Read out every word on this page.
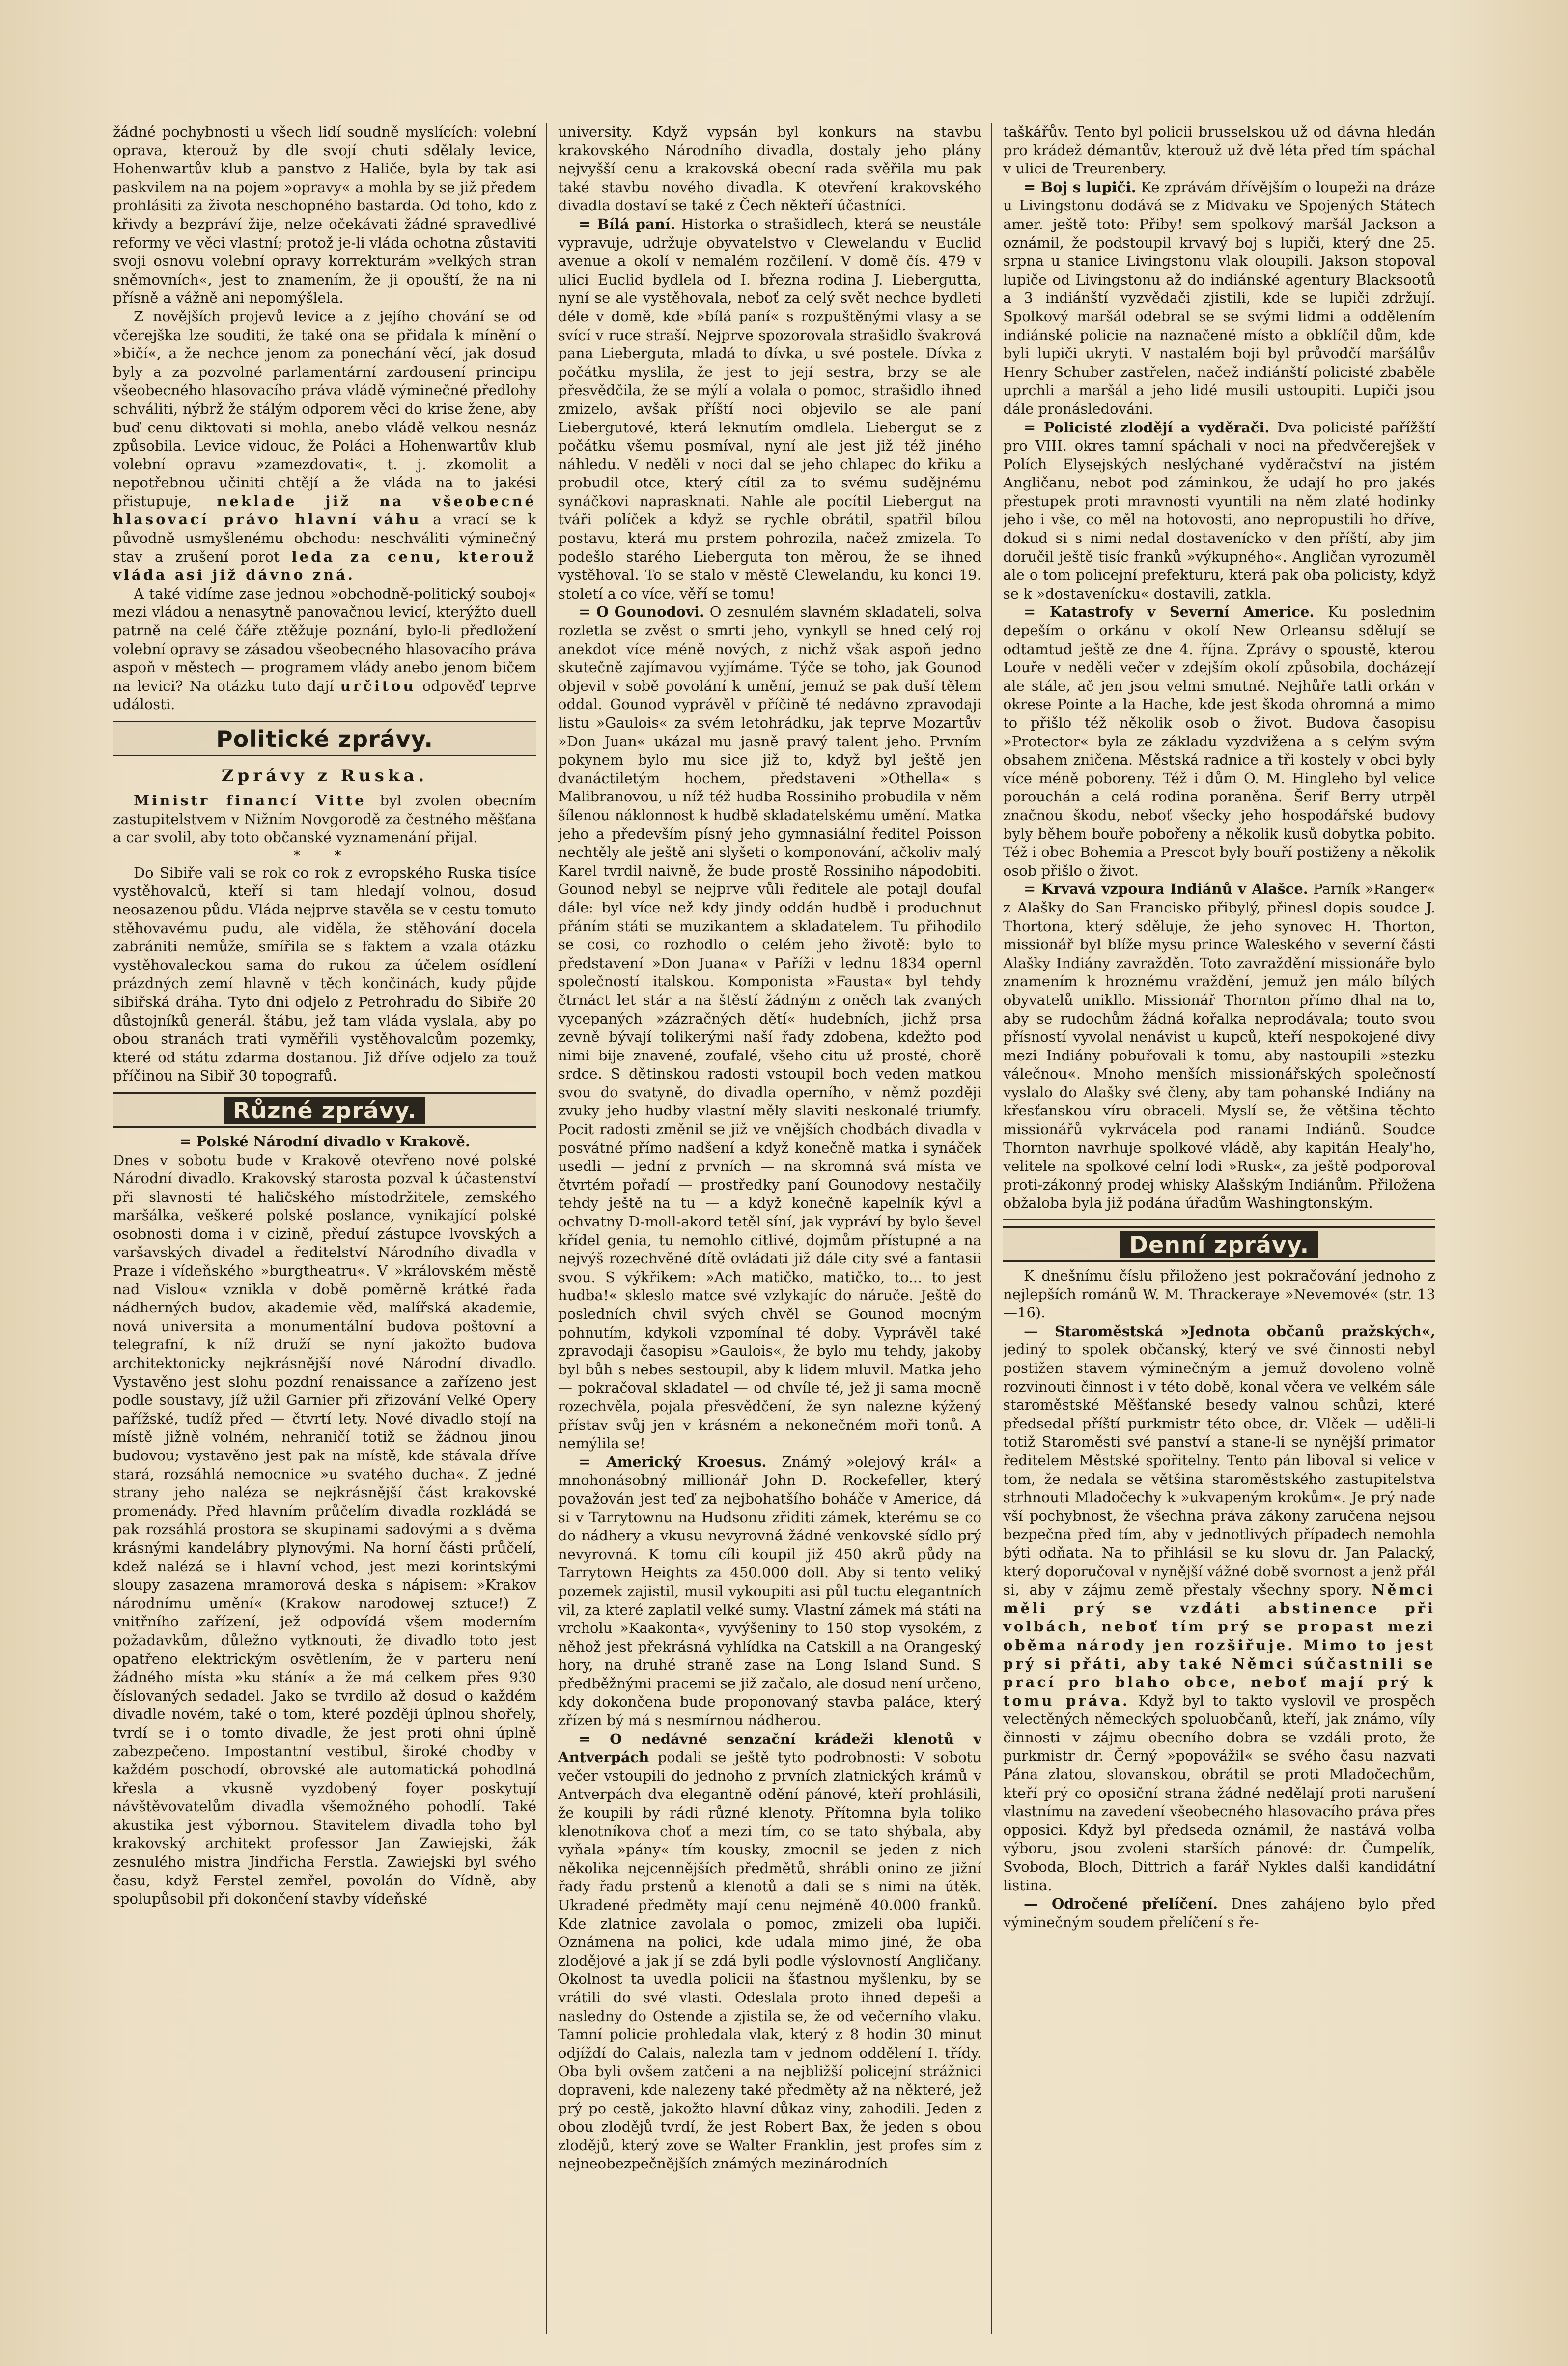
žádné pochybnosti u všech lidí soudně myslících: volební oprava, kterouž by dle svojí chuti sdělaly levice, Hohenwartův klub a panstvo z Haliče, byla by tak asi paskvilem na na pojem »opravy« a mohla by se již předem prohlásiti za života neschopného bastarda. Od toho, kdo z křivdy a bezpráví žije, nelze očekávati žádné spravedlivé reformy ve věci vlastní; protož je-li vláda ochotna zůstaviti svoji osnovu volební opravy korrekturám »velkých stran sněmovních«, jest to znamením, že ji opouští, že na ni přísně a vážně ani nepomýšlela.

Z novějších projevů levice a z jejího chování se od včerejška lze souditi, že také ona se přidala k mínění o »bičí«, a že nechce jenom za ponechání věcí, jak dosud byly a za pozvolné parlamentární zardousení principu všeobecného hlasovacího práva vládě výminečné předlohy schváliti, nýbrž že stálým odporem věci do krise žene, aby buď cenu diktovati si mohla, anebo vládě velkou nesnáz způsobila. Levice vidouc, že Poláci a Hohenwartův klub volební opravu »zamezdovati«, t. j. zkomolit a nepotřebnou učiniti chtějí a že vláda na to jakési přistupuje, neklade již na všeobecné hlasovací právo hlavní váhu a vrací se k původně usmyšlenému obchodu: neschváliti výminečný stav a zrušení porot leda za cenu, kterouž vláda asi již dávno zná.

A také vidíme zase jednou »obchodně-politický souboj« mezi vládou a nenasytně panovačnou levicí, kterýžto duell patrně na celé čáře ztěžuje poznání, bylo-li předložení volební opravy se zásadou všeobecného hlasovacího práva aspoň v městech — programem vlády anebo jenom bičem na levici? Na otázku tuto dají určitou odpověď teprve události.

Politické zprávy.
Zprávy z Ruska.

Ministr financí Vitte byl zvolen obecním zastupitelstvem v Nižním Novgorodě za čestného měšťana a car svolil, aby toto občanské vyznamenání přijal.

* *

Do Sibiře vali se rok co rok z evropského Ruska tisíce vystěhovalců, kteří si tam hledají volnou, dosud neosazenou půdu. Vláda nejprve stavěla se v cestu tomuto stěhovavému pudu, ale viděla, že stěhování docela zabrániti nemůže, smířila se s faktem a vzala otázku vystěhovaleckou sama do rukou za účelem osídlení prázdných zemí hlavně v těch končinách, kudy půjde sibiřská dráha. Tyto dni odjelo z Petrohradu do Sibiře 20 důstojníků generál. štábu, jež tam vláda vyslala, aby po obou stranách trati vyměřili vystěhovalcům pozemky, které od státu zdarma dostanou. Již dříve odjelo za touž příčinou na Sibiř 30 topografů.

Různé zprávy.
= Polské Národní divadlo v Krakově.

Dnes v sobotu bude v Krakově otevřeno nové polské Národní divadlo. Krakovský starosta pozval k účastenství při slavnosti té haličského místodržitele, zemského maršálka, veškeré polské poslance, vynikající polské osobnosti doma i v cizině, předuí zástupce lvovských a varšavských divadel a ředitelství Národního divadla v Praze i vídeňského »burgtheatru«. V »královském městě nad Vislou« vznikla v době poměrně krátké řada nádherných budov, akademie věd, malířská akademie, nová universita a monumentální budova poštovní a telegrafní, k níž druží se nyní jakožto budova architektonicky nejkrásnější nové Národní divadlo. Vystavěno jest slohu pozdní renaissance a zařízeno jest podle soustavy, jíž užil Garnier při zřizování Velké Opery pařížské, tudíž před — čtvrtí lety. Nové divadlo stojí na místě jižně volném, nehraničí totiž se žádnou jinou budovou; vystavěno jest pak na místě, kde stávala dříve stará, rozsáhlá nemocnice »u svatého ducha«. Z jedné strany jeho naléza se nejkrásnější část krakovské promenády. Před hlavním průčelím divadla rozkládá se pak rozsáhlá prostora se skupinami sadovými a s dvěma krásnými kandelábry plynovými. Na horní části průčelí, kdež nalézá se i hlavní vchod, jest mezi korintskými sloupy zasazena mramorová deska s nápisem: »Krakov národnímu umění« (Krakow narodowej sztuce!) Z vnitřního zařízení, jež odpovídá všem moderním požadavkům, důležno vytknouti, že divadlo toto jest opatřeno elektrickým osvětlením, že v parteru není žádného místa »ku stání« a že má celkem přes 930 číslovaných sedadel. Jako se tvrdilo až dosud o každém divadle novém, také o tom, které později úplnou shořely, tvrdí se i o tomto divadle, že jest proti ohni úplně zabezpečeno. Impostantní vestibul, široké chodby v každém poschodí, obrovské ale automatická pohodlná křesla a vkusně vyzdobený foyer poskytují návštěvovatelům divadla všemožného pohodlí. Také akustika jest výbornou. Stavitelem divadla toho byl krakovský architekt professor Jan Zawiejski, žák zesnulého mistra Jindřicha Ferstla. Zawiejski byl svého času, když Ferstel zemřel, povolán do Vídně, aby spolupůsobil při dokončení stavby vídeňské

university. Když vypsán byl konkurs na stavbu krakovského Národního divadla, dostaly jeho plány nejvyšší cenu a krakovská obecní rada svěřila mu pak také stavbu nového divadla. K otevření krakovského divadla dostaví se také z Čech někteří účastníci.

= Bílá paní. Historka o strašidlech, která se neustále vypravuje, udržuje obyvatelstvo v Clewelandu v Euclid avenue a okolí v nemalém rozčilení. V domě čís. 479 v ulici Euclid bydlela od I. března rodina J. Liebergutta, nyní se ale vystěhovala, neboť za celý svět nechce bydleti déle v domě, kde »bílá paní« s rozpuštěnými vlasy a se svící v ruce straší. Nejprve spozorovala strašidlo švakrová pana Lieberguta, mladá to dívka, u své postele. Dívka z počátku myslila, že jest to její sestra, brzy se ale přesvědčila, že se mýlí a volala o pomoc, strašidlo ihned zmizelo, avšak příští noci objevilo se ale paní Liebergutové, která leknutím omdlela. Liebergut se z počátku všemu posmíval, nyní ale jest již též jiného náhledu. V neděli v noci dal se jeho chlapec do křiku a probudil otce, který cítil za to svému sudějnému synáčkovi naprasknati. Nahle ale pocítil Liebergut na tváři políček a když se rychle obrátil, spatřil bílou postavu, která mu prstem pohrozila, načež zmizela. To podešlo starého Lieberguta ton měrou, že se ihned vystěhoval. To se stalo v městě Clewelandu, ku konci 19. století a co více, věří se tomu!

= O Gounodovi. O zesnulém slavném skladateli, solva rozletla se zvěst o smrti jeho, vynkyll se hned celý roj anekdot více méně nových, z nichž však aspoň jedno skutečně zajímavou vyjímáme. Týče se toho, jak Gounod objevil v sobě povolání k umění, jemuž se pak duší tělem oddal. Gounod vyprávěl v příčině té nedávno zpravodaji listu »Gaulois« za svém letohrádku, jak teprve Mozartův »Don Juan« ukázal mu jasně pravý talent jeho. Prvním pokynem bylo mu sice již to, když byl ještě jen dvanáctiletým hochem, představeni »Othella« s Malibranovou, u níž též hudba Rossiniho probudila v něm šílenou náklonnost k hudbě skladatelskému umění. Matka jeho a především písný jeho gymnasiální ředitel Poisson nechtěly ale ještě ani slyšeti o komponování, ačkoliv malý Karel tvrdil naivně, že bude prostě Rossiniho nápodobiti. Gounod nebyl se nejprve vůli ředitele ale potajl doufal dále: byl více než kdy jindy oddán hudbě i produchnut přáním státi se muzikantem a skladatelem. Tu přihodilo se cosi, co rozhodlo o celém jeho životě: bylo to představení »Don Juana« v Paříži v lednu 1834 opernl společností italskou. Komponista »Fausta« byl tehdy čtrnáct let stár a na štěstí žádným z oněch tak zvaných vycepaných »zázračných dětí« hudebních, jichž prsa zevně bývají tolikerými naší řady zdobena, kdežto pod nimi bije znavené, zoufalé, všeho citu už prosté, chorě srdce. S dětinskou radosti vstoupil boch veden matkou svou do svatyně, do divadla operního, v němž později zvuky jeho hudby vlastní měly slaviti neskonalé triumfy. Pocit radosti změnil se již ve vnějších chodbách divadla v posvátné přímo nadšení a když konečně matka i synáček usedli — jední z prvních — na skromná svá místa ve čtvrtém pořadí — prostředky paní Gounodovy nestačily tehdy ještě na tu — a když konečně kapelník kývl a ochvatny D-moll-akord tetěl síní, jak vypráví by bylo ševel křídel genia, tu nemohlo citlivé, dojmům přístupné a na nejvýš rozechvěné dítě ovládati již dále city své a fantasii svou. S výkřikem: »Ach matičko, matičko, to... to jest hudba!« skleslo matce své vzlykajíc do náruče. Ještě do posledních chvil svých chvěl se Gounod mocným pohnutím, kdykoli vzpomínal té doby. Vyprávěl také zpravodaji časopisu »Gaulois«, že bylo mu tehdy, jakoby byl bůh s nebes sestoupil, aby k lidem mluvil. Matka jeho — pokračoval skladatel — od chvíle té, jež ji sama mocně rozechvěla, pojala přesvědčení, že syn nalezne kýžený přístav svůj jen v krásném a nekonečném moři tonů. A nemýlila se!

= Americký Kroesus. Známý »olejový král« a mnohonásobný millionář John D. Rockefeller, který považován jest teď za nejbohatšího boháče v Americe, dá si v Tarrytownu na Hudsonu zřiditi zámek, kterému se co do nádhery a vkusu nevyrovná žádné venkovské sídlo prý nevyrovná. K tomu cíli koupil již 450 akrů půdy na Tarrytown Heights za 450.000 doll. Aby si tento veliký pozemek zajistil, musil vykoupiti asi půl tuctu elegantních vil, za které zaplatil velké sumy. Vlastní zámek má státi na vrcholu »Kaakonta«, vyvýšeniny to 150 stop vysokém, z něhož jest překrásná vyhlídka na Catskill a na Orangeský hory, na druhé straně zase na Long Island Sund. S předběžnými pracemi se již začalo, ale dosud není určeno, kdy dokončena bude proponovaný stavba paláce, který zřízen bý má s nesmírnou nádherou.

= O nedávné senzační krádeži klenotů v Antverpách podali se ještě tyto podrobnosti: V sobotu večer vstoupili do jednoho z prvních zlatnických krámů v Antverpách dva elegantně odění pánové, kteří prohlásili, že koupili by rádi různé klenoty. Přítomna byla toliko klenotníkova choť a mezi tím, co se tato shýbala, aby vyňala »pány« tím kousky, zmocnil se jeden z nich několika nejcennějších předmětů, shrábli onino ze jižní řady řadu prstenů a klenotů a dali se s nimi na útěk. Ukradené předměty mají cenu nejméně 40.000 franků. Kde zlatnice zavolala o pomoc, zmizeli oba lupiči. Oznámena na polici, kde udala mimo jiné, že oba zlodějové a jak jí se zdá byli podle výslovností Angličany. Okolnost ta uvedla policii na šťastnou myšlenku, by se vrátili do své vlasti. Odeslala proto ihned depeši a nasledny do Ostende a zjistila se, že od večerního vlaku. Tamní policie prohledala vlak, který z 8 hodin 30 minut odjíždí do Calais, nalezla tam v jednom oddělení I. třídy. Oba byli ovšem zatčeni a na nejbližší policejní strážnici dopraveni, kde nalezeny také předměty až na některé, jež prý po cestě, jakožto hlavní důkaz viny, zahodili. Jeden z obou zlodějů tvrdí, že jest Robert Bax, že jeden s obou zlodějů, který zove se Walter Franklin, jest profes sím z nejneobezpečnějších známých mezinárodních

taškářův. Tento byl policii brusselskou už od dávna hledán pro krádež démantův, kterouž už dvě léta před tím spáchal v ulici de Treurenbery.

= Boj s lupiči. Ke zprávám dřívějším o loupeži na dráze u Livingstonu dodává se z Midvaku ve Spojených Státech amer. ještě toto: Přiby! sem spolkový maršál Jackson a oznámil, že podstoupil krvavý boj s lupiči, který dne 25. srpna u stanice Livingstonu vlak oloupili. Jakson stopoval lupiče od Livingstonu až do indiánské agentury Blacksootů a 3 indiánští vyzvědači zjistili, kde se lupiči zdržují. Spolkový maršál odebral se se svými lidmi a oddělením indiánské policie na naznačené místo a obklíčil dům, kde byli lupiči ukryti. V nastalém boji byl průvodčí maršálův Henry Schuber zastřelen, načež indiánští policisté zbaběle uprchli a maršál a jeho lidé musili ustoupiti. Lupiči jsou dále pronásledováni.

= Policisté zlodějí a vyděrači. Dva policisté pařížští pro VIII. okres tamní spáchali v noci na předvčerejšek v Polích Elysejských neslýchané vyděračství na jistém Angličanu, nebot pod záminkou, že udají ho pro jakés přestupek proti mravnosti vyuntili na něm zlaté hodinky jeho i vše, co měl na hotovosti, ano nepropustili ho dříve, dokud si s nimi nedal dostavenícko v den příští, aby jim doručil ještě tisíc franků »výkupného«. Angličan vyrozuměl ale o tom policejní prefekturu, která pak oba policisty, když se k »dostavenícku« dostavili, zatkla.

= Katastrofy v Severní Americe. Ku poslednim depeším o orkánu v okolí New Orleansu sdělují se odtamtud ještě ze dne 4. října. Zprávy o spoustě, kterou Louře v neděli večer v zdejším okolí způsobila, docházejí ale stále, ač jen jsou velmi smutné. Nejhůře tatli orkán v okrese Pointe a la Hache, kde jest škoda ohromná a mimo to přišlo též několik osob o život. Budova časopisu »Protector« byla ze základu vyzdvižena a s celým svým obsahem zničena. Městská radnice a tři kostely v obci byly více méně poboreny. Též i dům O. M. Hingleho byl velice porouchán a celá rodina poraněna. Šerif Berry utrpěl značnou škodu, neboť všecky jeho hospodářské budovy byly během bouře pobořeny a několik kusů dobytka pobito. Též i obec Bohemia a Prescot byly bouří postiženy a několik osob přišlo o život.

= Krvavá vzpoura Indiánů v Alašce. Parník »Ranger« z Alašky do San Francisko přibylý, přinesl dopis soudce J. Thortona, který sděluje, že jeho synovec H. Thorton, missionář byl blíže mysu prince Waleského v severní části Alašky Indiány zavražděn. Toto zavraždění missionáře bylo znamením k hroznému vraždění, jemuž jen málo bílých obyvatelů unikllo. Missionář Thornton přímo dhal na to, aby se rudochům žádná kořalka neprodávala; touto svou přísností vyvolal nenávist u kupců, kteří nespokojené divy mezi Indiány pobuřovali k tomu, aby nastoupili »stezku válečnou«. Mnoho menších missionářských společností vyslalo do Alašky své členy, aby tam pohanské Indiány na křesťanskou víru obraceli. Myslí se, že většina těchto missionářů vykrvácela pod ranami Indiánů. Soudce Thornton navrhuje spolkové vládě, aby kapitán Healy'ho, velitele na spolkové celní lodi »Rusk«, za ještě podporoval proti-zákonný prodej whisky Alašským Indiánům. Přiložena obžaloba byla již podána úřadům Washingtonským.

Denní zprávy.

K dnešnímu číslu přiloženo jest pokračování jednoho z nejlepších románů W. M. Thrackeraye »Nevemové« (str. 13—16).

— Staroměstská »Jednota občanů pražských«, jediný to spolek občanský, který ve své činnosti nebyl postižen stavem výminečným a jemuž dovoleno volně rozvinouti činnost i v této době, konal včera ve velkém sále staroměstské Měšťanské besedy valnou schůzi, které předsedal příští purkmistr této obce, dr. Vlček — uděli-li totiž Staroměsti své panství a stane-li se nynější primator ředitelem Městské spořitelny. Tento pán liboval si velice v tom, že nedala se většina staroměstského zastupitelstva strhnouti Mladočechy k »ukvapeným krokům«. Je prý nade vší pochybnost, že všechna práva zákony zaručena nejsou bezpečna před tím, aby v jednotlivých případech nemohla býti odňata. Na to přihlásil se ku slovu dr. Jan Palacký, který doporučoval v nynější vážné době svornost a jenž přál si, aby v zájmu země přestaly všechny spory. Němci měli prý se vzdáti abstinence při volbách, neboť tím prý se propast mezi oběma národy jen rozšiřuje. Mimo to jest prý si přáti, aby také Němci súčastnili se prací pro blaho obce, neboť mají prý k tomu práva. Když byl to takto vyslovil ve prospěch velectěných německých spoluobčanů, kteří, jak známo, víly činnosti v zájmu obecního dobra se vzdáli proto, že purkmistr dr. Černý »popovážil« se svého času nazvati Pána zlatou, slovanskou, obrátil se proti Mladočechům, kteří prý co oposiční strana žádné nedělají proti narušení vlastnímu na zavedení všeobecného hlasovacího práva přes opposici. Když byl předseda oznámil, že nastává volba výboru, jsou zvoleni starších pánové: dr. Čumpelík, Svoboda, Bloch, Dittrich a farář Nykles dalši kandidátní listina.

— Odročené přelíčení. Dnes zahájeno bylo před výminečným soudem přelíčení s ře-
